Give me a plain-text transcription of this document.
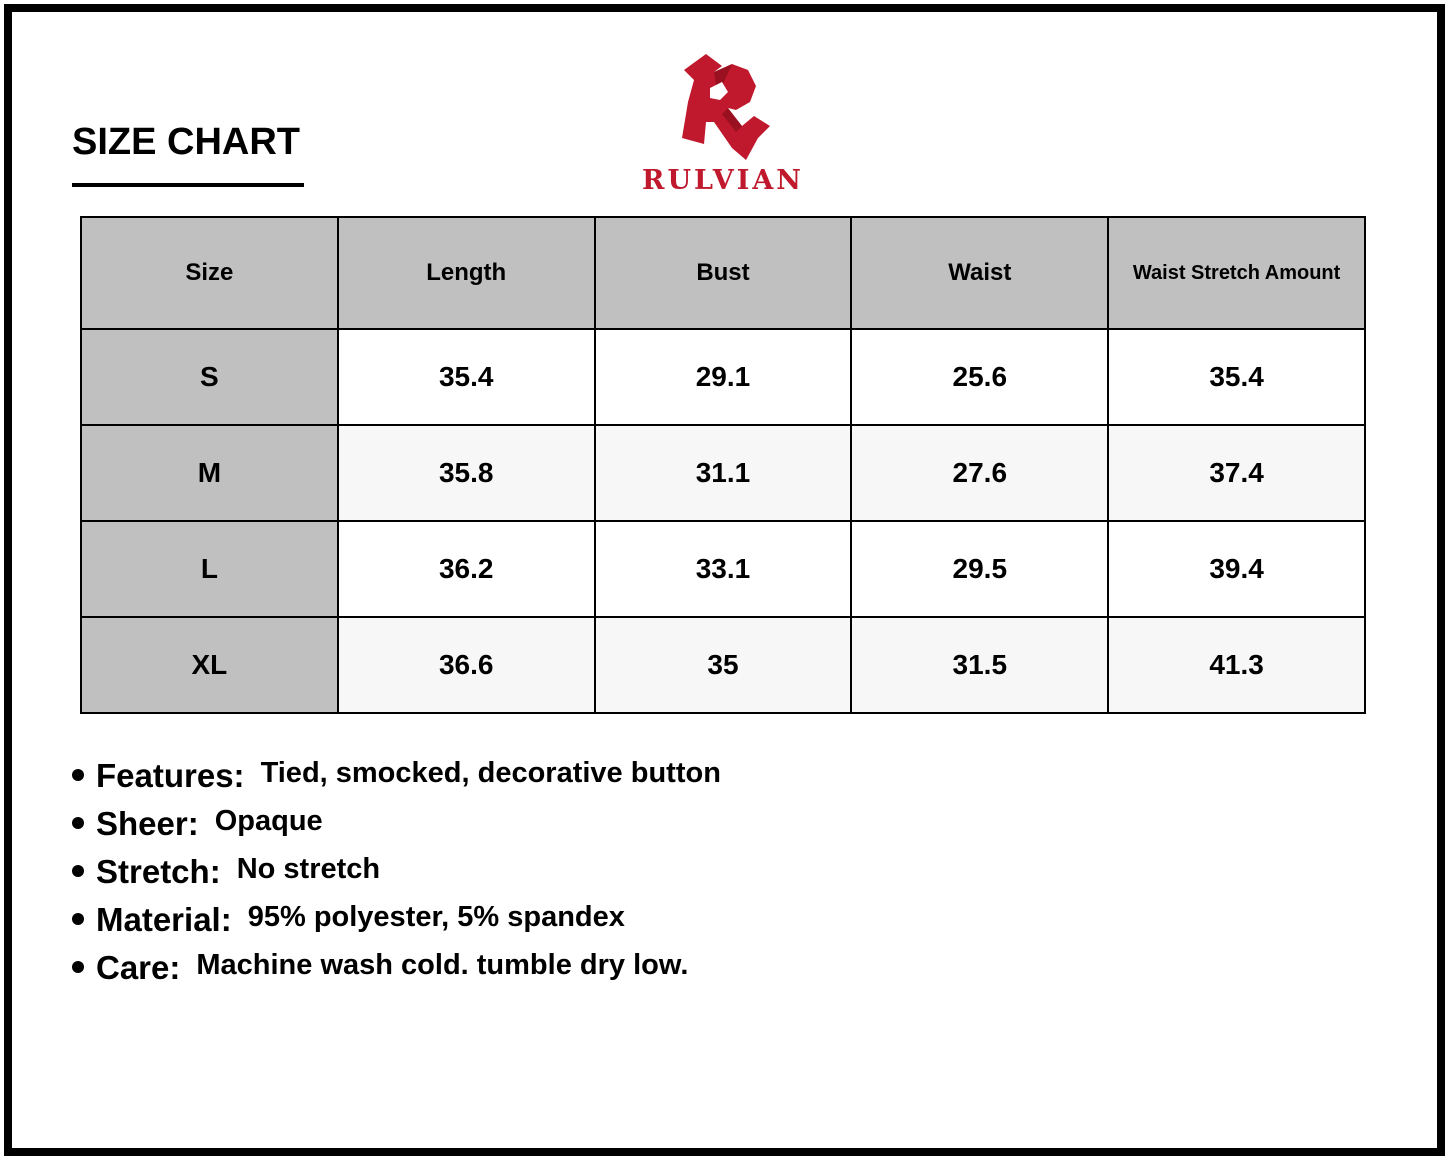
SIZE CHART
RULVIAN
Size	Length	Bust	Waist	Waist Stretch Amount
S	35.4	29.1	25.6	35.4
M	35.8	31.1	27.6	37.4
L	36.2	33.1	29.5	39.4
XL	36.6	35	31.5	41.3
Features: Tied, smocked, decorative button
Sheer: Opaque
Stretch: No stretch
Material: 95% polyester, 5% spandex
Care: Machine wash cold. tumble dry low.
